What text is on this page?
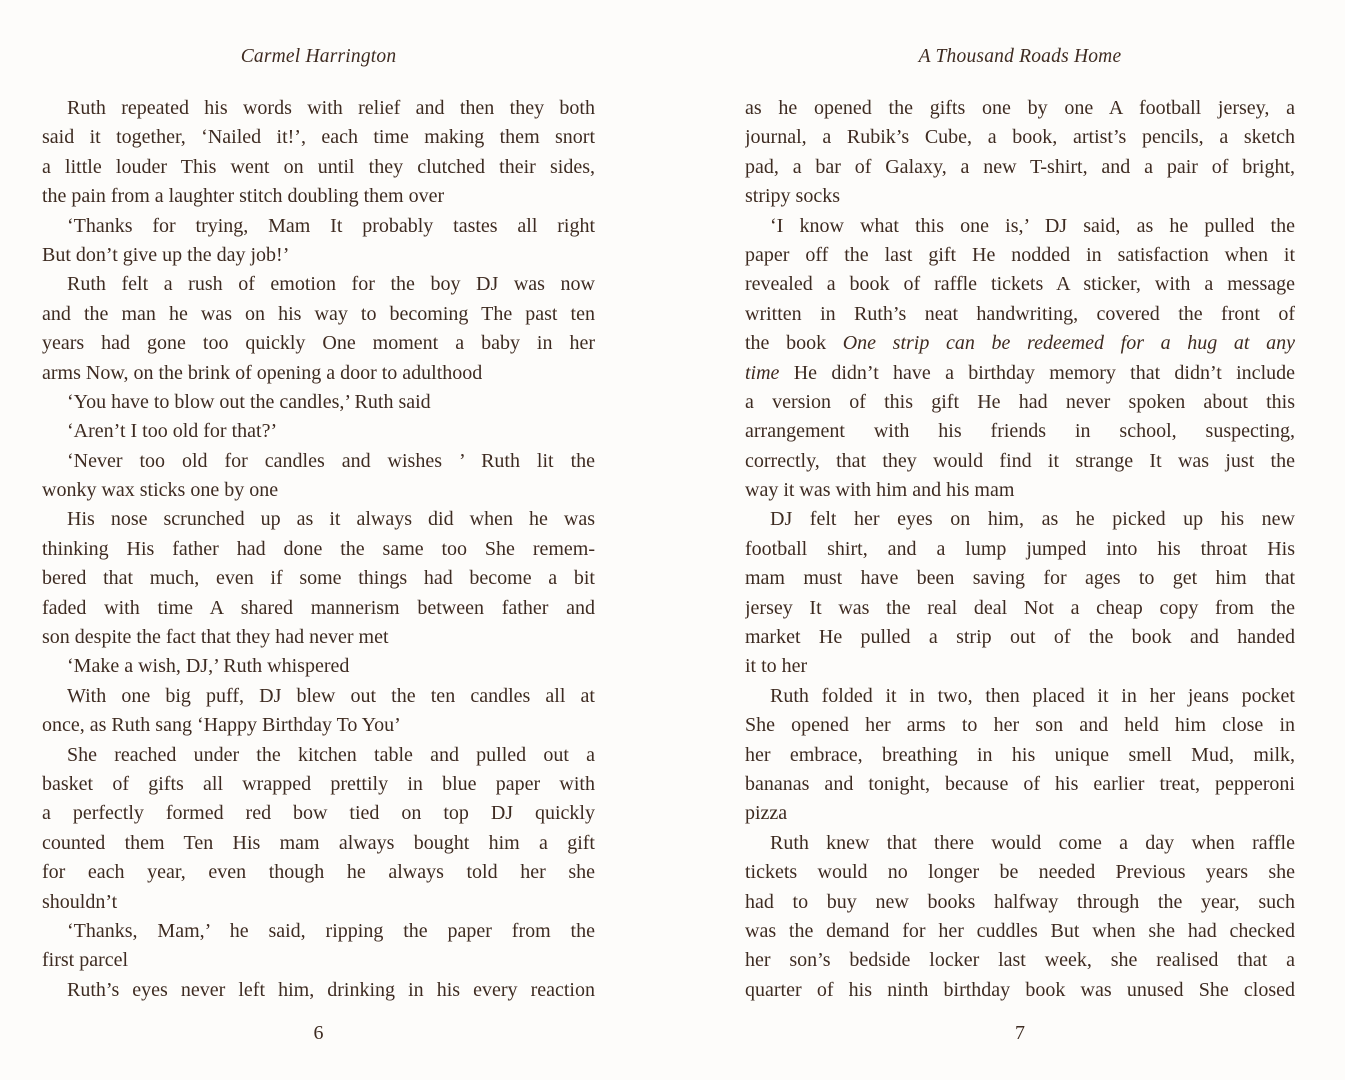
Carmel Harrington
Ruth repeated his words with relief and then they both
said it together, ‘Nailed it!’, each time making them snort
a little louder This went on until they clutched their sides,
the pain from a laughter stitch doubling them over
‘Thanks for trying, Mam It probably tastes all right
But don’t give up the day job!’
Ruth felt a rush of emotion for the boy DJ was now
and the man he was on his way to becoming The past ten
years had gone too quickly One moment a baby in her
arms Now, on the brink of opening a door to adulthood
‘You have to blow out the candles,’ Ruth said
‘Aren’t I too old for that?’
‘Never too old for candles and wishes ’ Ruth lit the
wonky wax sticks one by one
His nose scrunched up as it always did when he was
thinking His father had done the same too She remem-
bered that much, even if some things had become a bit
faded with time A shared mannerism between father and
son despite the fact that they had never met
‘Make a wish, DJ,’ Ruth whispered
With one big puff, DJ blew out the ten candles all at
once, as Ruth sang ‘Happy Birthday To You’
She reached under the kitchen table and pulled out a
basket of gifts all wrapped prettily in blue paper with
a perfectly formed red bow tied on top DJ quickly
counted them Ten His mam always bought him a gift
for each year, even though he always told her she
shouldn’t
‘Thanks, Mam,’ he said, ripping the paper from the
first parcel
Ruth’s eyes never left him, drinking in his every reaction
6
A Thousand Roads Home
as he opened the gifts one by one A football jersey, a
journal, a Rubik’s Cube, a book, artist’s pencils, a sketch
pad, a bar of Galaxy, a new T-shirt, and a pair of bright,
stripy socks
‘I know what this one is,’ DJ said, as he pulled the
paper off the last gift He nodded in satisfaction when it
revealed a book of raffle tickets A sticker, with a message
written in Ruth’s neat handwriting, covered the front of
the book One strip can be redeemed for a hug at any
time He didn’t have a birthday memory that didn’t include
a version of this gift He had never spoken about this
arrangement with his friends in school, suspecting,
correctly, that they would find it strange It was just the
way it was with him and his mam
DJ felt her eyes on him, as he picked up his new
football shirt, and a lump jumped into his throat His
mam must have been saving for ages to get him that
jersey It was the real deal Not a cheap copy from the
market He pulled a strip out of the book and handed
it to her
Ruth folded it in two, then placed it in her jeans pocket
She opened her arms to her son and held him close in
her embrace, breathing in his unique smell Mud, milk,
bananas and tonight, because of his earlier treat, pepperoni
pizza
Ruth knew that there would come a day when raffle
tickets would no longer be needed Previous years she
had to buy new books halfway through the year, such
was the demand for her cuddles But when she had checked
her son’s bedside locker last week, she realised that a
quarter of his ninth birthday book was unused She closed
7
